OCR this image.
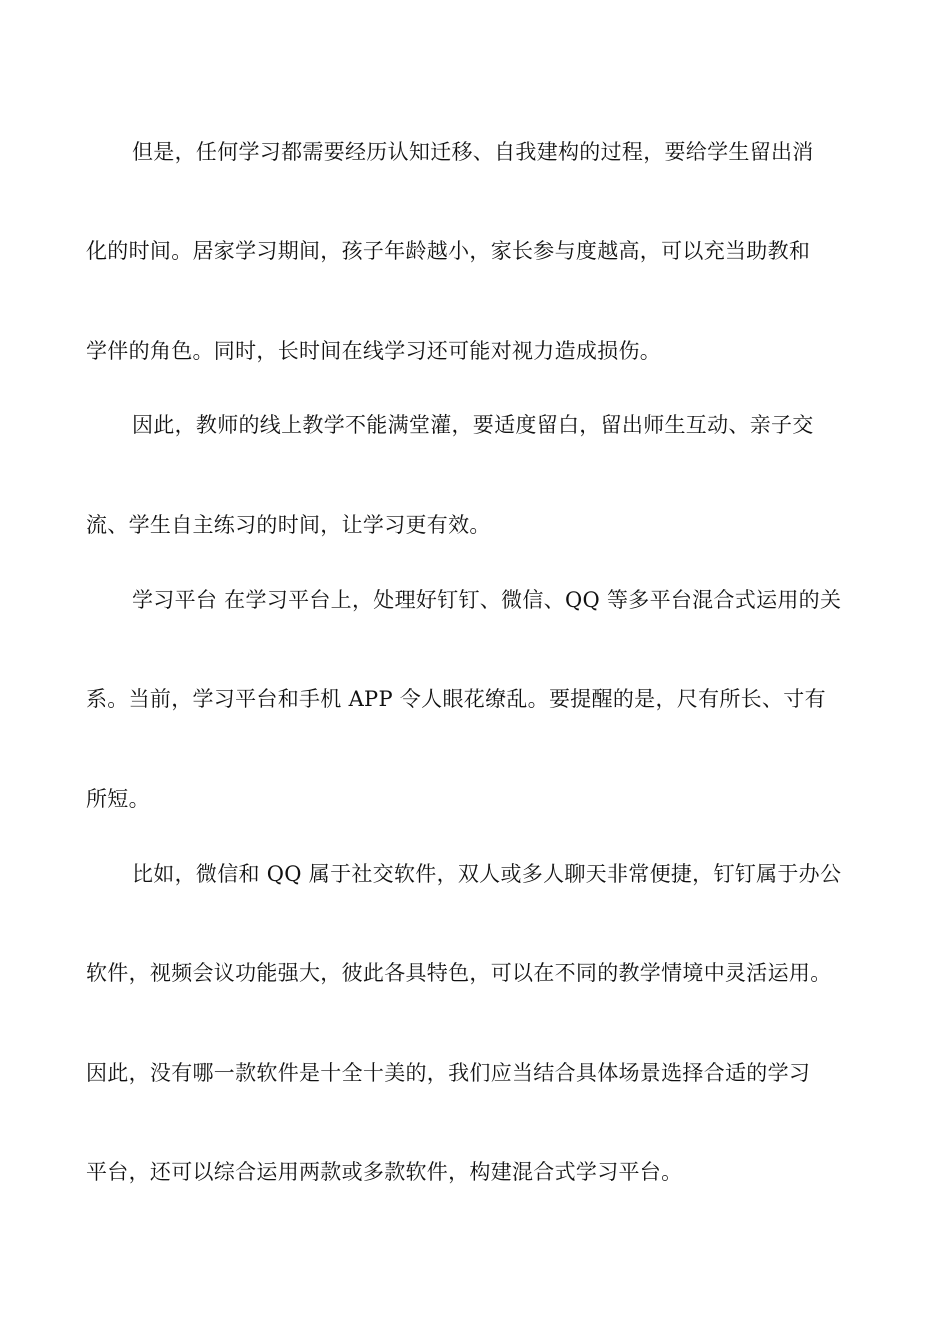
但是，任何学习都需要经历认知迁移、自我建构的过程，要给学生留出消
化的时间。居家学习期间，孩子年龄越小，家长参与度越高，可以充当助教和
学伴的角色。同时，长时间在线学习还可能对视力造成损伤。
因此，教师的线上教学不能满堂灌，要适度留白，留出师生互动、亲子交
流、学生自主练习的时间，让学习更有效。
学习平台 在学习平台上，处理好钉钉、微信、QQ 等多平台混合式运用的关
系。当前，学习平台和手机 APP 令人眼花缭乱。要提醒的是，尺有所长、寸有
所短。
比如，微信和 QQ 属于社交软件，双人或多人聊天非常便捷，钉钉属于办公
软件，视频会议功能强大，彼此各具特色，可以在不同的教学情境中灵活运用。
因此，没有哪一款软件是十全十美的，我们应当结合具体场景选择合适的学习
平台，还可以综合运用两款或多款软件，构建混合式学习平台。
